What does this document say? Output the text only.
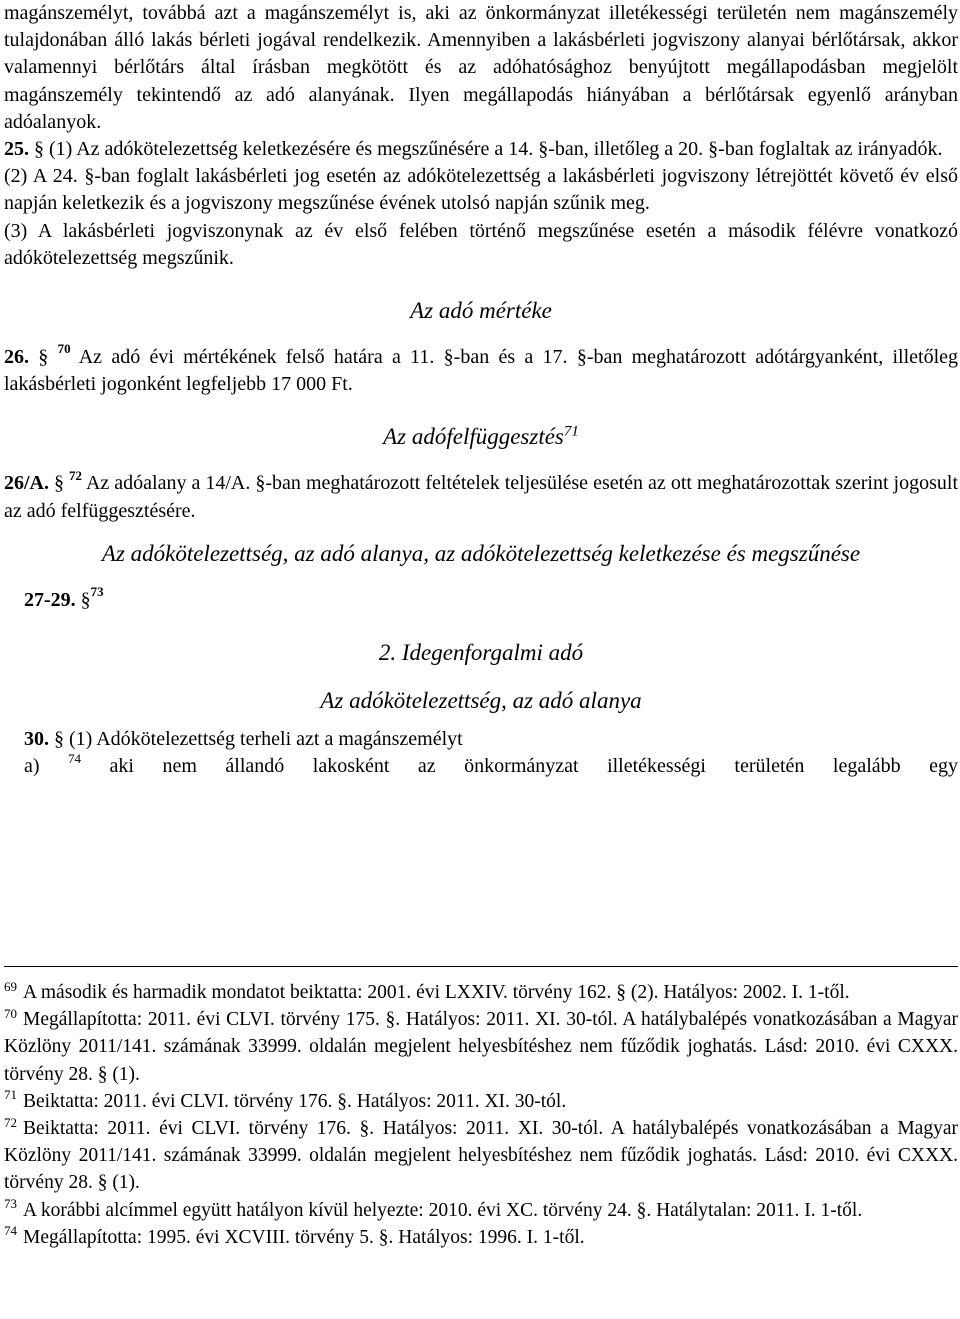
magánszemélyt, továbbá azt a magánszemélyt is, aki az önkormányzat illetékességi területén nem magánszemély tulajdonában álló lakás bérleti jogával rendelkezik. Amennyiben a lakásbérleti jogviszony alanyai bérlőtársak, akkor valamennyi bérlőtárs által írásban megkötött és az adóhatósághoz benyújtott megállapodásban megjelölt magánszemély tekintendő az adó alanyának. Ilyen megállapodás hiányában a bérlőtársak egyenlő arányban adóalanyok.

25. § (1) Az adókötelezettség keletkezésére és megszűnésére a 14. §-ban, illetőleg a 20. §-ban foglaltak az irányadók.

(2) A 24. §-ban foglalt lakásbérleti jog esetén az adókötelezettség a lakásbérleti jogviszony létrejöttét követő év első napján keletkezik és a jogviszony megszűnése évének utolsó napján szűnik meg.

(3) A lakásbérleti jogviszonynak az év első felében történő megszűnése esetén a második félévre vonatkozó adókötelezettség megszűnik.

Az adó mértéke

26. § $^{70}$ Az adó évi mértékének felső határa a 11. §-ban és a 17. §-ban meghatározott adótárgyanként, illetőleg lakásbérleti jogonként legfeljebb 17 000 Ft.

Az adófelfüggesztés$^{71}$

26/A. § $^{72}$ Az adóalany a 14/A. §-ban meghatározott feltételek teljesülése esetén az ott meghatározottak szerint jogosult az adó felfüggesztésére.

Az adókötelezettség, az adó alanya, az adókötelezettség keletkezése és megszűnése

27-29. §$^{73}$

2. Idegenforgalmi adó

Az adókötelezettség, az adó alanya

30. § (1) Adókötelezettség terheli azt a magánszemélyt

a) $^{74}$ aki nem állandó lakosként az önkormányzat illetékességi területén legalább egy

$^{69}$ A második és harmadik mondatot beiktatta: 2001. évi LXXIV. törvény 162. § (2). Hatályos: 2002. I. 1-től.

$^{70}$ Megállapította: 2011. évi CLVI. törvény 175. §. Hatályos: 2011. XI. 30-tól. A hatálybalépés vonatkozásában a Magyar Közlöny 2011/141. számának 33999. oldalán megjelent helyesbítéshez nem fűződik joghatás. Lásd: 2010. évi CXXX. törvény 28. § (1).

$^{71}$ Beiktatta: 2011. évi CLVI. törvény 176. §. Hatályos: 2011. XI. 30-tól.

$^{72}$ Beiktatta: 2011. évi CLVI. törvény 176. §. Hatályos: 2011. XI. 30-tól. A hatálybalépés vonatkozásában a Magyar Közlöny 2011/141. számának 33999. oldalán megjelent helyesbítéshez nem fűződik joghatás. Lásd: 2010. évi CXXX. törvény 28. § (1).

$^{73}$ A korábbi alcímmel együtt hatályon kívül helyezte: 2010. évi XC. törvény 24. §. Hatálytalan: 2011. I. 1-től.

$^{74}$ Megállapította: 1995. évi XCVIII. törvény 5. §. Hatályos: 1996. I. 1-től.
